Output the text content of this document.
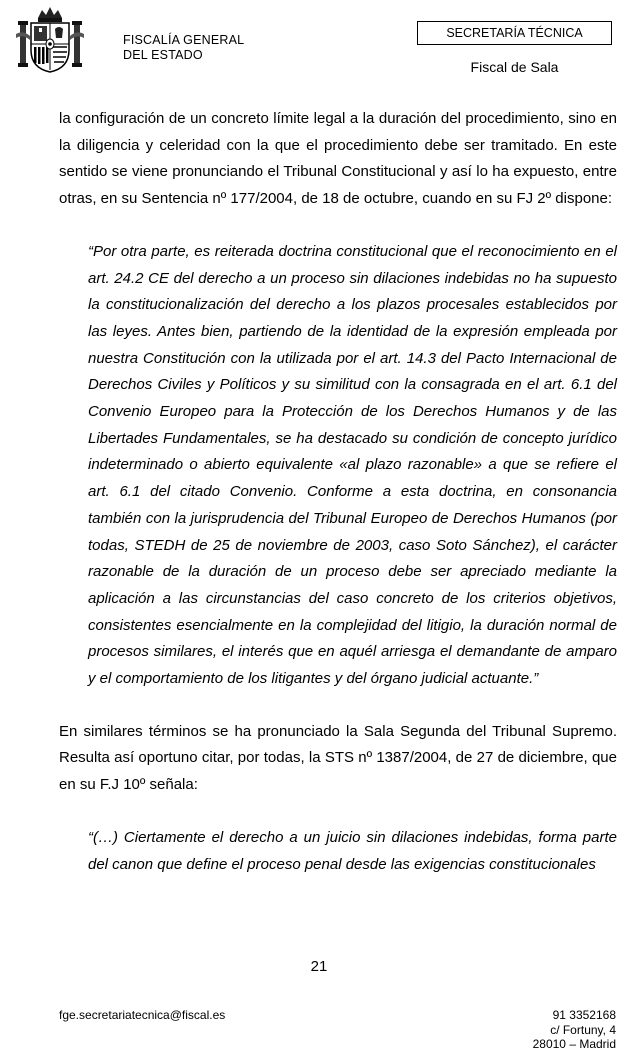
FISCALÍA GENERAL
DEL ESTADO
SECRETARÍA TÉCNICA
Fiscal de Sala

la configuración de un concreto límite legal a la duración del procedimiento, sino en la diligencia y celeridad con la que el procedimiento debe ser tramitado. En este sentido se viene pronunciando el Tribunal Constitucional y así lo ha expuesto, entre otras, en su Sentencia nº 177/2004, de 18 de octubre, cuando en su FJ 2º dispone:

“Por otra parte, es reiterada doctrina constitucional que el reconocimiento en el art. 24.2 CE del derecho a un proceso sin dilaciones indebidas no ha supuesto la constitucionalización del derecho a los plazos procesales establecidos por las leyes. Antes bien, partiendo de la identidad de la expresión empleada por nuestra Constitución con la utilizada por el art. 14.3 del Pacto Internacional de Derechos Civiles y Políticos y su similitud con la consagrada en el art. 6.1 del Convenio Europeo para la Protección de los Derechos Humanos y de las Libertades Fundamentales, se ha destacado su condición de concepto jurídico indeterminado o abierto equivalente «al plazo razonable» a que se refiere el art. 6.1 del citado Convenio. Conforme a esta doctrina, en consonancia también con la jurisprudencia del Tribunal Europeo de Derechos Humanos (por todas, STEDH de 25 de noviembre de 2003, caso Soto Sánchez), el carácter razonable de la duración de un proceso debe ser apreciado mediante la aplicación a las circunstancias del caso concreto de los criterios objetivos, consistentes esencialmente en la complejidad del litigio, la duración normal de procesos similares, el interés que en aquél arriesga el demandante de amparo y el comportamiento de los litigantes y del órgano judicial actuante.”

En similares términos se ha pronunciado la Sala Segunda del Tribunal Supremo. Resulta así oportuno citar, por todas, la STS nº 1387/2004, de 27 de diciembre, que en su F.J 10º señala:

“(…) Ciertamente el derecho a un juicio sin dilaciones indebidas, forma parte del canon que define el proceso penal desde las exigencias constitucionales

21
fge.secretariatecnica@fiscal.es	91 3352168
c/ Fortuny, 4
28010 – Madrid
